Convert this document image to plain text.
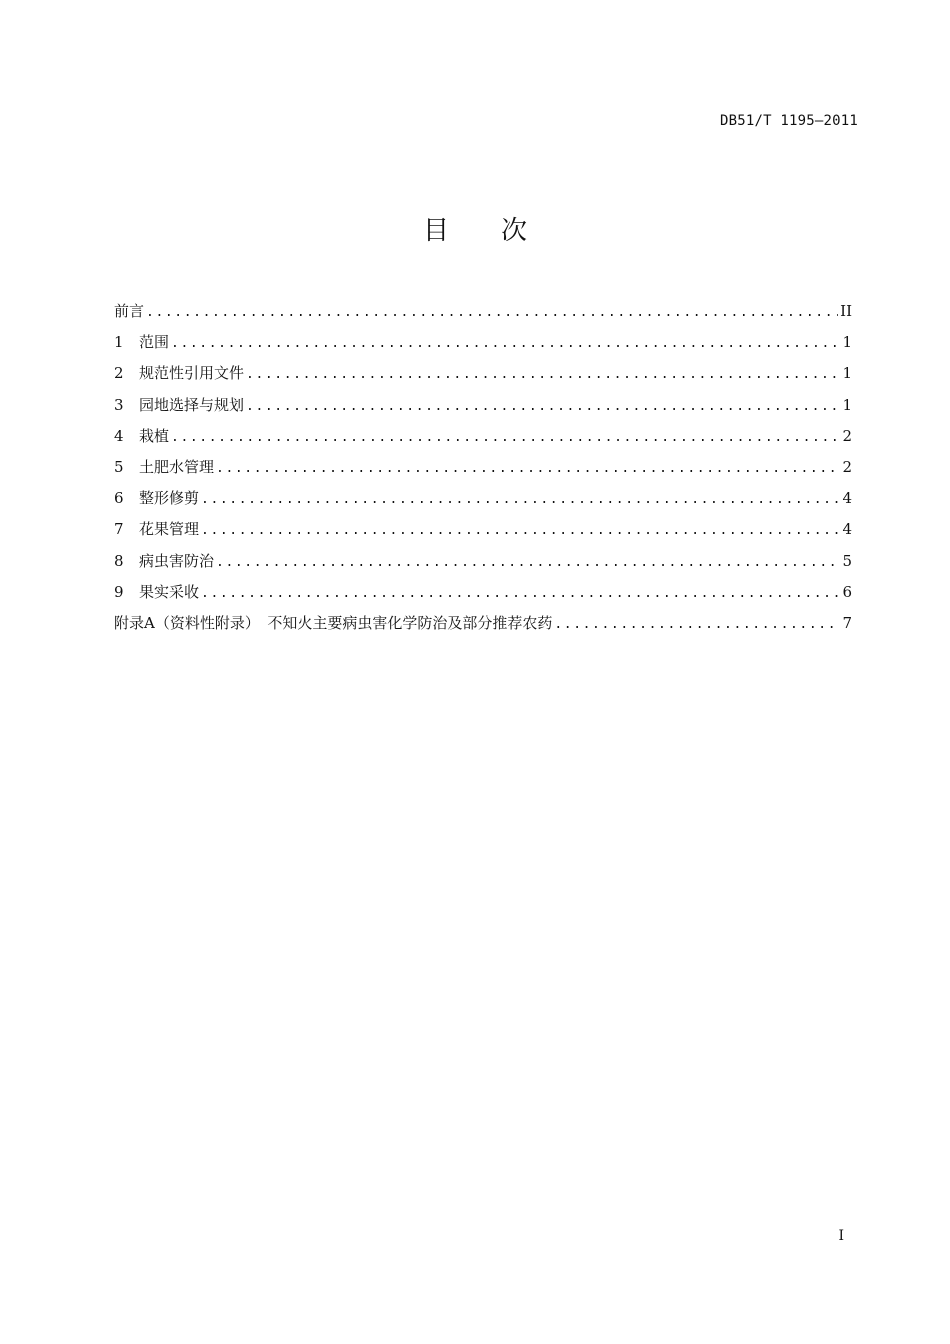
DB51/T 1195—2011
目 次
前言 .....	II
1	范围 .....	1
2	规范性引用文件 .....	1
3	园地选择与规划 .....	1
4	栽植 .....	2
5	土肥水管理 .....	2
6	整形修剪 .....	4
7	花果管理 .....	4
8	病虫害防治 .....	5
9	果实采收 .....	6
附录A（资料性附录）　不知火主要病虫害化学防治及部分推荐农药 .....	7
I
